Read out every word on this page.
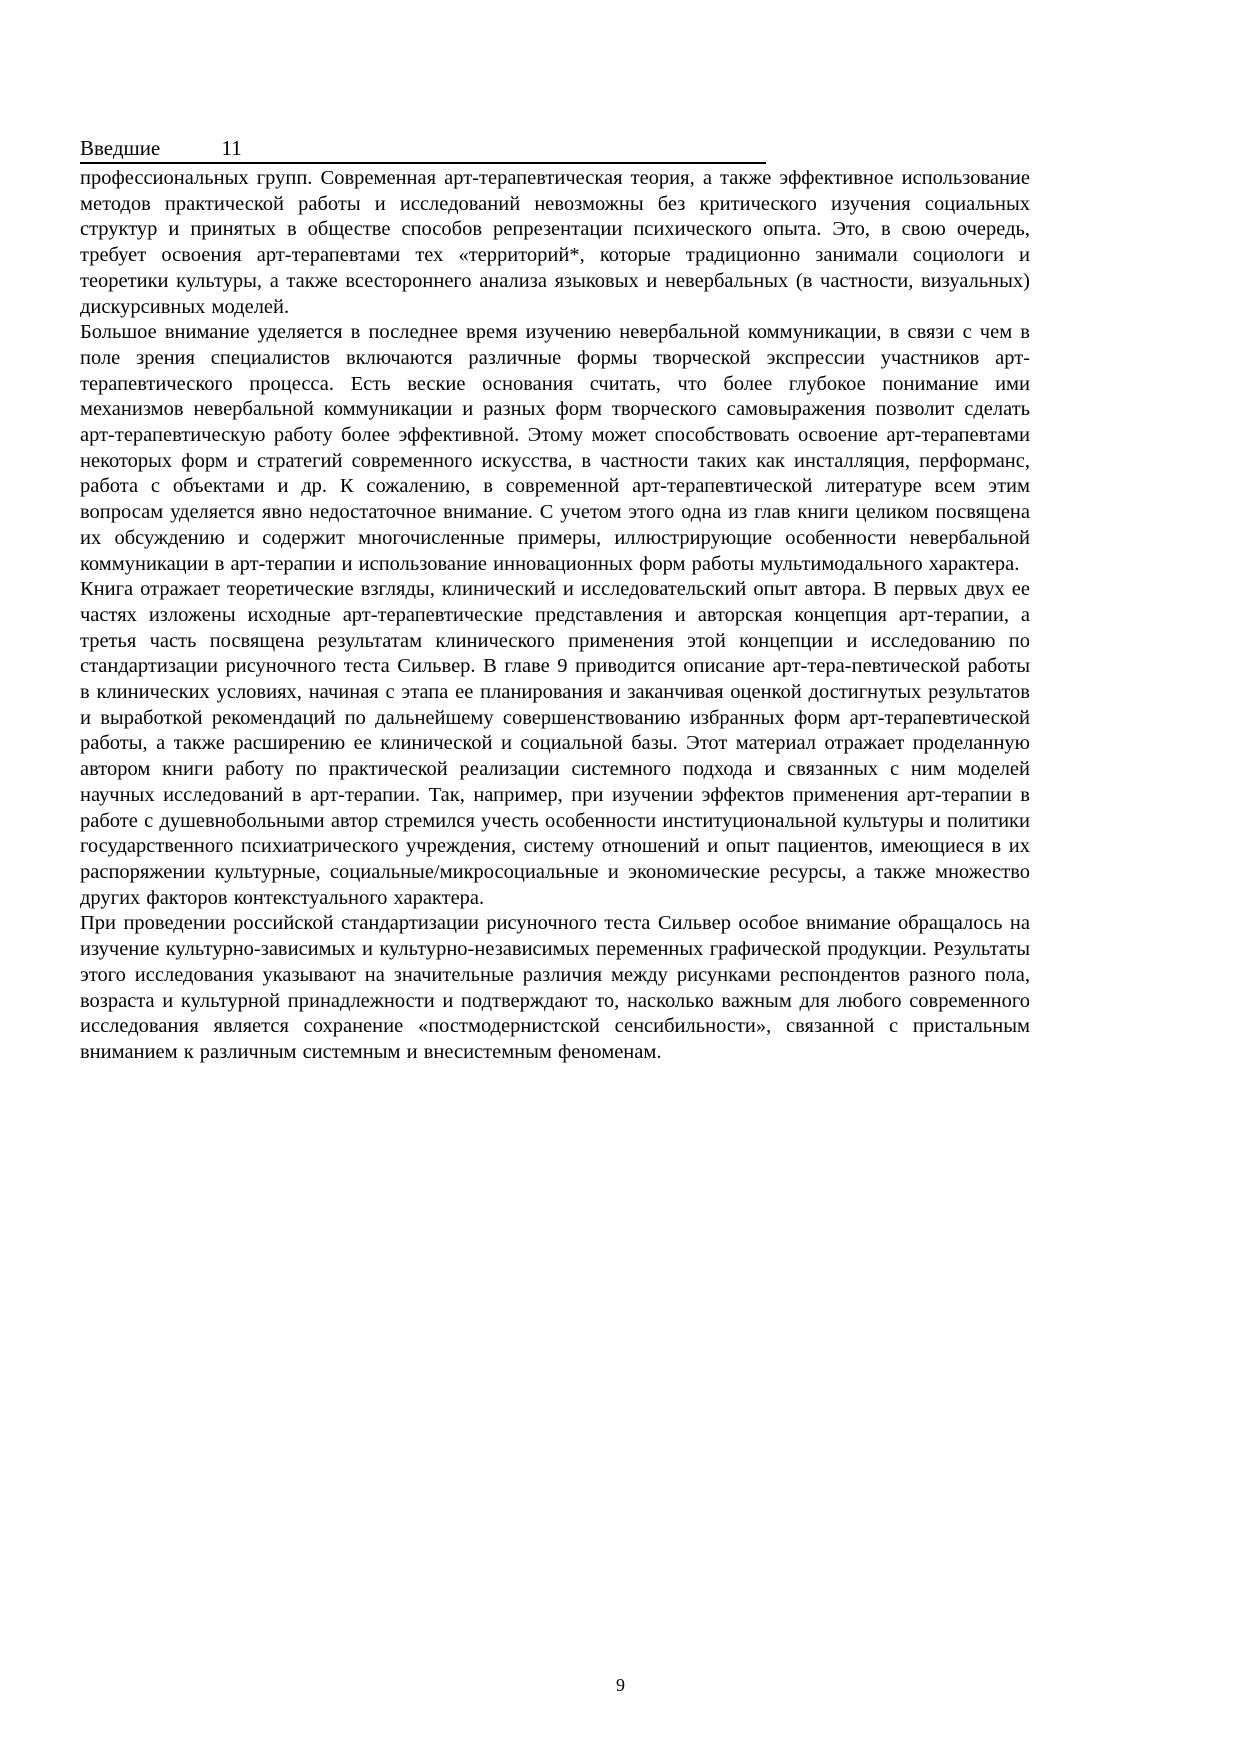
Введшие	11

профессиональных групп. Современная арт-терапевтическая теория, а также эффективное использование методов практической работы и исследований невозможны без критического изучения социальных структур и принятых в обществе способов репрезентации психического опыта. Это, в свою очередь, требует освоения арт-терапевтами тех «территорий*, которые традиционно занимали социологи и теоретики культуры, а также всестороннего анализа языковых и невербальных (в частности, визуальных) дискурсивных моделей.

Большое внимание уделяется в последнее время изучению невербальной коммуникации, в связи с чем в поле зрения специалистов включаются различные формы творческой экспрессии участников арт-терапевтического процесса. Есть веские основания считать, что более глубокое понимание ими механизмов невербальной коммуникации и разных форм творческого самовыражения позволит сделать арт-терапевтическую работу более эффективной. Этому может способствовать освоение арт-терапевтами некоторых форм и стратегий современного искусства, в частности таких как инсталляция, перформанс, работа с объектами и др. К сожалению, в современной арт-терапевтической литературе всем этим вопросам уделяется явно недостаточное внимание. С учетом этого одна из глав книги целиком посвящена их обсуждению и содержит многочисленные примеры, иллюстрирующие особенности невербальной коммуникации в арт-терапии и использование инновационных форм работы мультимодального характера.

Книга отражает теоретические взгляды, клинический и исследовательский опыт автора. В первых двух ее частях изложены исходные арт-терапевтические представления и авторская концепция арт-терапии, а третья часть посвящена результатам клинического применения этой концепции и исследованию по стандартизации рисуночного теста Сильвер. В главе 9 приводится описание арт-тера-певтической работы в клинических условиях, начиная с этапа ее планирования и заканчивая оценкой достигнутых результатов и выработкой рекомендаций по дальнейшему совершенствованию избранных форм арт-терапевтической работы, а также расширению ее клинической и социальной базы. Этот материал отражает проделанную автором книги работу по практической реализации системного подхода и связанных с ним моделей научных исследований в арт-терапии. Так, например, при изучении эффектов применения арт-терапии в работе с душевнобольными автор стремился учесть особенности институциональной культуры и политики государственного психиатрического учреждения, систему отношений и опыт пациентов, имеющиеся в их распоряжении культурные, социальные/микросоциальные и экономические ресурсы, а также множество других факторов контекстуального характера.

При проведении российской стандартизации рисуночного теста Сильвер особое внимание обращалось на изучение культурно-зависимых и культурно-независимых переменных графической продукции. Результаты этого исследования указывают на значительные различия между рисунками респондентов разного пола, возраста и культурной принадлежности и подтверждают то, насколько важным для любого современного исследования является сохранение «постмодернистской сенсибильности», связанной с пристальным вниманием к различным системным и внесистемным феноменам.

9
